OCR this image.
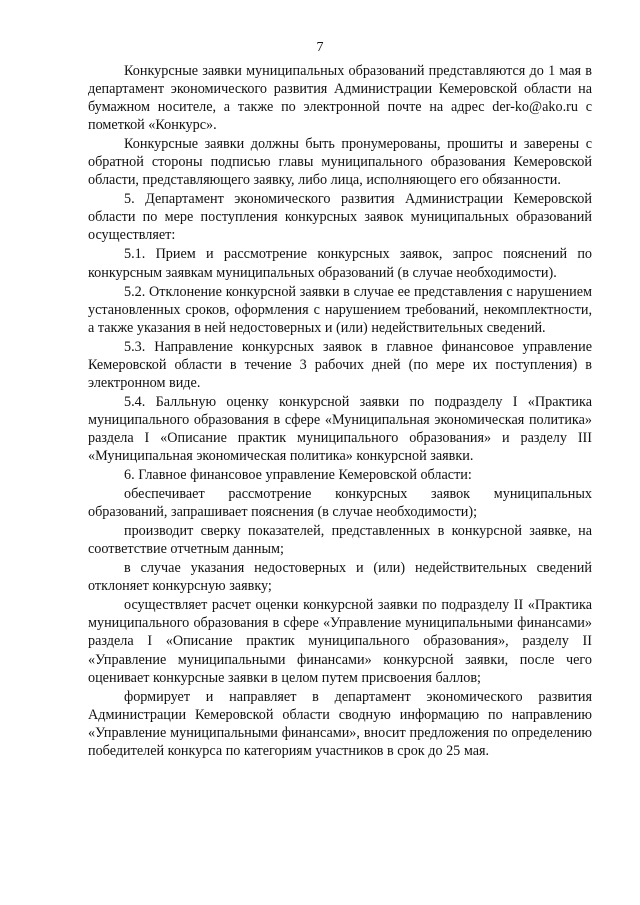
7

Конкурсные заявки муниципальных образований представляются до 1 мая в департамент экономического развития Администрации Кемеровской области на бумажном носителе, а также по электронной почте на адрес der-ko@ako.ru с пометкой «Конкурс».

Конкурсные заявки должны быть пронумерованы, прошиты и заверены с обратной стороны подписью главы муниципального образования Кемеровской области, представляющего заявку, либо лица, исполняющего его обязанности.

5. Департамент экономического развития Администрации Кемеровской области по мере поступления конкурсных заявок муниципальных образований осуществляет:

5.1. Прием и рассмотрение конкурсных заявок, запрос пояснений по конкурсным заявкам муниципальных образований (в случае необходимости).

5.2. Отклонение конкурсной заявки в случае ее представления с нарушением установленных сроков, оформления с нарушением требований, некомплектности, а также указания в ней недостоверных и (или) недействительных сведений.

5.3. Направление конкурсных заявок в главное финансовое управление Кемеровской области в течение 3 рабочих дней (по мере их поступления) в электронном виде.

5.4. Балльную оценку конкурсной заявки по подразделу I «Практика муниципального образования в сфере «Муниципальная экономическая политика» раздела I «Описание практик муниципального образования» и разделу III «Муниципальная экономическая политика» конкурсной заявки.

6. Главное финансовое управление Кемеровской области:

обеспечивает рассмотрение конкурсных заявок муниципальных образований, запрашивает пояснения (в случае необходимости);

производит сверку показателей, представленных в конкурсной заявке, на соответствие отчетным данным;

в случае указания недостоверных и (или) недействительных сведений отклоняет конкурсную заявку;

осуществляет расчет оценки конкурсной заявки по подразделу II «Практика муниципального образования в сфере «Управление муниципальными финансами» раздела I «Описание практик муниципального образования», разделу II «Управление муниципальными финансами» конкурсной заявки, после чего оценивает конкурсные заявки в целом путем присвоения баллов;

формирует и направляет в департамент экономического развития Администрации Кемеровской области сводную информацию по направлению «Управление муниципальными финансами», вносит предложения по определению победителей конкурса по категориям участников в срок до 25 мая.
